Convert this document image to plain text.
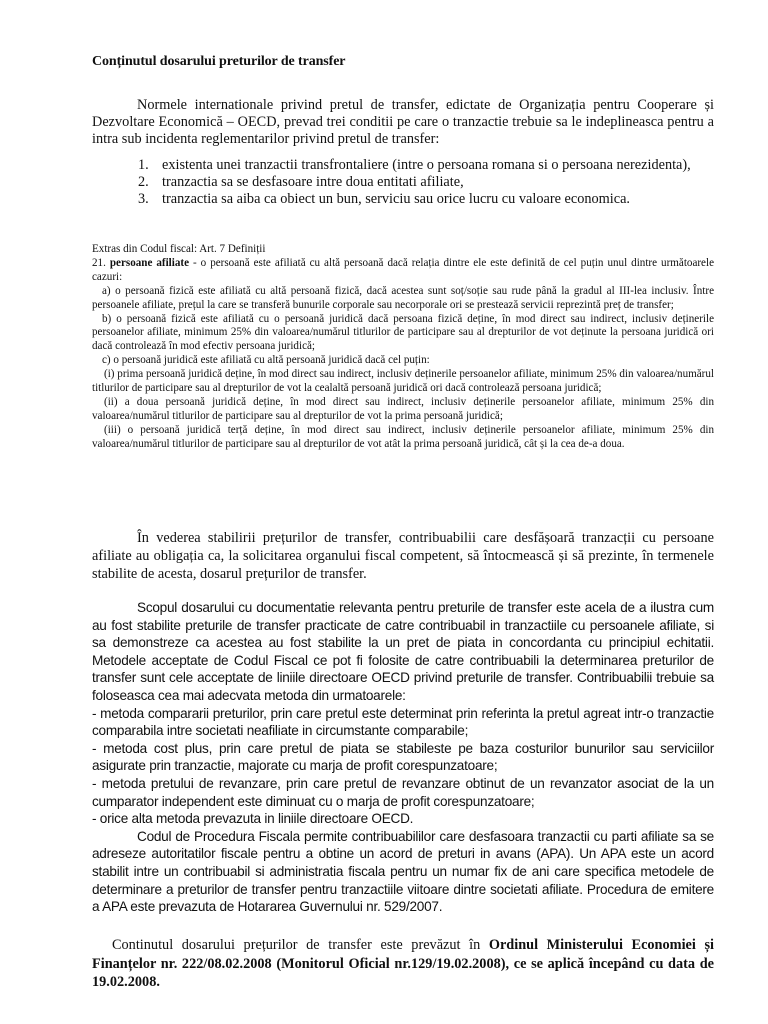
Conținutul dosarului preturilor de transfer
Normele internationale privind pretul de transfer, edictate de Organizația pentru Cooperare și Dezvoltare Economică – OECD, prevad trei conditii pe care o tranzactie trebuie sa le indeplineasca pentru a intra sub incidenta reglementarilor privind pretul de transfer:
1. existenta unei tranzactii transfrontaliere (intre o persoana romana si o persoana nerezidenta),
2. tranzactia sa se desfasoare intre doua entitati afiliate,
3. tranzactia sa aiba ca obiect un bun, serviciu sau orice lucru cu valoare economica.

Extras din Codul fiscal: Art. 7 Definiții

21. persoane afiliate - o persoană este afiliată cu altă persoană dacă relația dintre ele este definită de cel puțin unul dintre următoarele cazuri:

a) o persoană fizică este afiliată cu altă persoană fizică, dacă acestea sunt soț/soție sau rude până la gradul al III-lea inclusiv. Între persoanele afiliate, prețul la care se transferă bunurile corporale sau necorporale ori se prestează servicii reprezintă preț de transfer;

b) o persoană fizică este afiliată cu o persoană juridică dacă persoana fizică deține, în mod direct sau indirect, inclusiv deținerile persoanelor afiliate, minimum 25% din valoarea/numărul titlurilor de participare sau al drepturilor de vot deținute la persoana juridică ori dacă controlează în mod efectiv persoana juridică;

c) o persoană juridică este afiliată cu altă persoană juridică dacă cel puțin:

(i) prima persoană juridică deține, în mod direct sau indirect, inclusiv deținerile persoanelor afiliate, minimum 25% din valoarea/numărul titlurilor de participare sau al drepturilor de vot la cealaltă persoană juridică ori dacă controlează persoana juridică;

(ii) a doua persoană juridică deține, în mod direct sau indirect, inclusiv deținerile persoanelor afiliate, minimum 25% din valoarea/numărul titlurilor de participare sau al drepturilor de vot la prima persoană juridică;

(iii) o persoană juridică terță deține, în mod direct sau indirect, inclusiv deținerile persoanelor afiliate, minimum 25% din valoarea/numărul titlurilor de participare sau al drepturilor de vot atât la prima persoană juridică, cât și la cea de-a doua.

În vederea stabilirii prețurilor de transfer, contribuabilii care desfășoară tranzacții cu persoane afiliate au obligația ca, la solicitarea organului fiscal competent, să întocmească și să prezinte, în termenele stabilite de acesta, dosarul prețurilor de transfer.

Scopul dosarului cu documentatie relevanta pentru preturile de transfer este acela de a ilustra cum au fost stabilite preturile de transfer practicate de catre contribuabil in tranzactiile cu persoanele afiliate, si sa demonstreze ca acestea au fost stabilite la un pret de piata in concordanta cu principiul echitatii. Metodele acceptate de Codul Fiscal ce pot fi folosite de catre contribuabili la determinarea preturilor de transfer sunt cele acceptate de liniile directoare OECD privind preturile de transfer. Contribuabilii trebuie sa foloseasca cea mai adecvata metoda din urmatoarele:

- metoda compararii preturilor, prin care pretul este determinat prin referinta la pretul agreat intr-o tranzactie comparabila intre societati neafiliate in circumstante comparabile;

- metoda cost plus, prin care pretul de piata se stabileste pe baza costurilor bunurilor sau serviciilor asigurate prin tranzactie, majorate cu marja de profit corespunzatoare;

- metoda pretului de revanzare, prin care pretul de revanzare obtinut de un revanzator asociat de la un cumparator independent este diminuat cu o marja de profit corespunzatoare;

- orice alta metoda prevazuta in liniile directoare OECD.

Codul de Procedura Fiscala permite contribuabililor care desfasoara tranzactii cu parti afiliate sa se adreseze autoritatilor fiscale pentru a obtine un acord de preturi in avans (APA). Un APA este un acord stabilit intre un contribuabil si administratia fiscala pentru un numar fix de ani care specifica metodele de determinare a preturilor de transfer pentru tranzactiile viitoare dintre societati afiliate. Procedura de emitere a APA este prevazuta de Hotararea Guvernului nr. 529/2007.

Continutul dosarului prețurilor de transfer este prevăzut în Ordinul Ministerului Economiei și Finanțelor nr. 222/08.02.2008 (Monitorul Oficial nr.129/19.02.2008), ce se aplică începând cu data de 19.02.2008.
